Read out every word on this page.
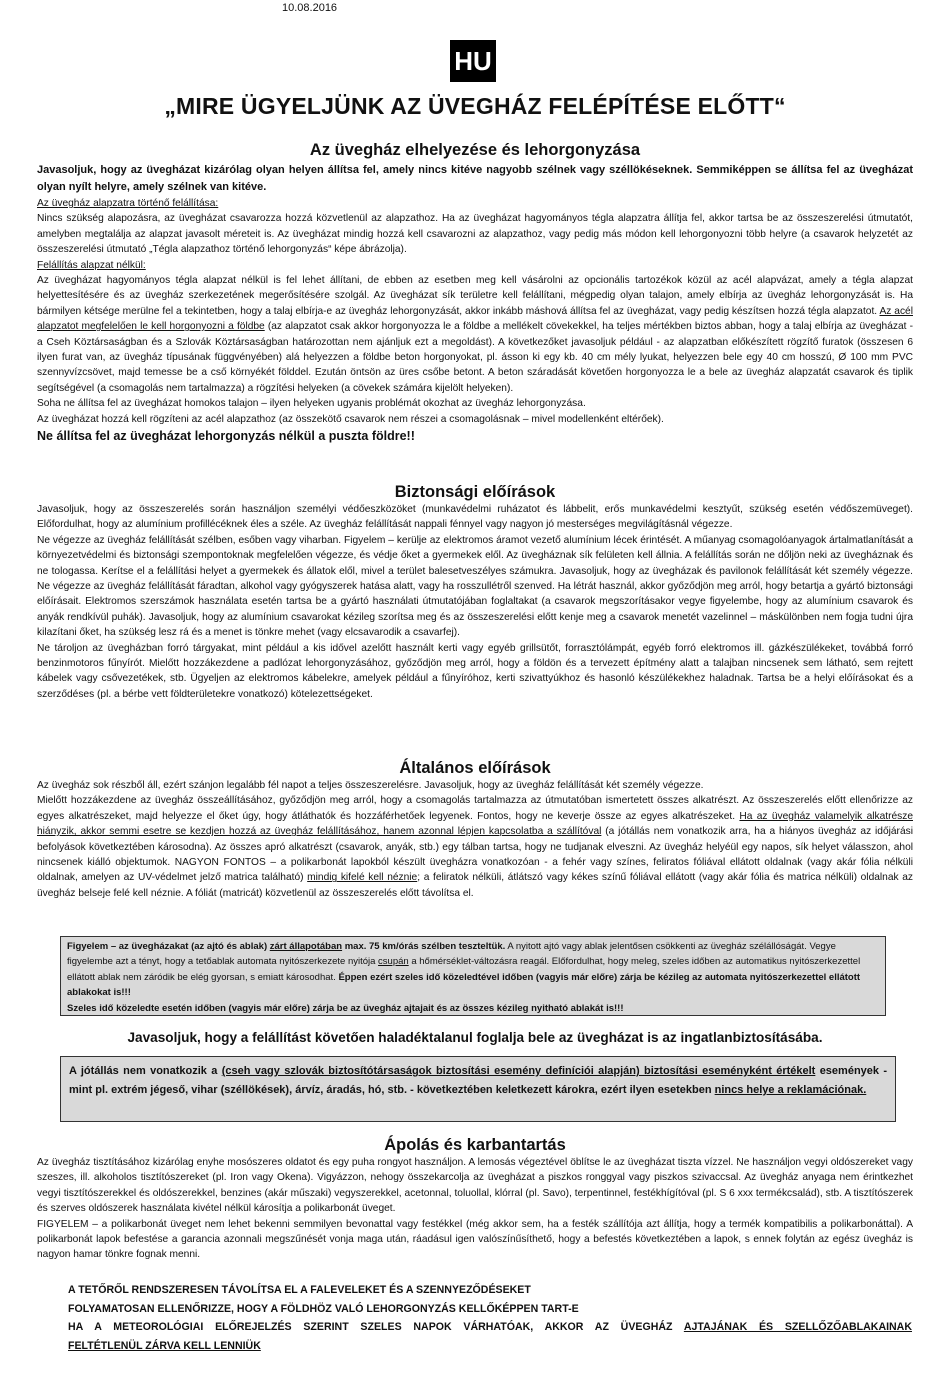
10.08.2016
HU
„MIRE ÜGYELJÜNK AZ ÜVEGHÁZ FELÉPÍTÉSE ELŐTT“
Az üvegház elhelyezése és lehorgonyzása

Javasoljuk, hogy az üvegházat kizárólag olyan helyen állítsa fel, amely nincs kitéve nagyobb szélnek vagy széllökéseknek. Semmiképpen se állítsa fel az üvegházat olyan nyílt helyre, amely szélnek van kitéve.

Az üvegház alapzatra történő felállítása:

Nincs szükség alapozásra, az üvegházat csavarozza hozzá közvetlenül az alapzathoz. Ha az üvegházat hagyományos tégla alapzatra állítja fel, akkor tartsa be az összeszerelési útmutatót, amelyben megtalálja az alapzat javasolt méreteit is. Az üvegházat mindig hozzá kell csavarozni az alapzathoz, vagy pedig más módon kell lehorgonyozni több helyre (a csavarok helyzetét az összeszerelési útmutató „Tégla alapzathoz történő lehorgonyzás“ képe ábrázolja).

Felállítás alapzat nélkül:

Az üvegházat hagyományos tégla alapzat nélkül is fel lehet állítani, de ebben az esetben meg kell vásárolni az opcionális tartozékok közül az acél alapvázat, amely a tégla alapzat helyettesítésére és az üvegház szerkezetének megerősítésére szolgál. Az üvegházat sík területre kell felállítani, mégpedig olyan talajon, amely elbírja az üvegház lehorgonyzását is. Ha bármilyen kétsége merülne fel a tekintetben, hogy a talaj elbírja-e az üvegház lehorgonyzását, akkor inkább máshová állítsa fel az üvegházat, vagy pedig készítsen hozzá tégla alapzatot. Az acél alapzatot megfelelően le kell horgonyozni a földbe (az alapzatot csak akkor horgonyozza le a földbe a mellékelt cövekekkel, ha teljes mértékben biztos abban, hogy a talaj elbírja az üvegházat - a Cseh Köztársaságban és a Szlovák Köztársaságban határozottan nem ajánljuk ezt a megoldást). A következőket javasoljuk például - az alapzatban előkészített rögzítő furatok (összesen 6 ilyen furat van, az üvegház típusának függvényében) alá helyezzen a földbe beton horgonyokat, pl. ásson ki egy kb. 40 cm mély lyukat, helyezzen bele egy 40 cm hosszú, Ø 100 mm PVC szennyvízcsövet, majd temesse be a cső környékét földdel. Ezután öntsön az üres csőbe betont. A beton száradását követően horgonyozza le a bele az üvegház alapzatát csavarok és tiplik segítségével (a csomagolás nem tartalmazza) a rögzítési helyeken (a cövekek számára kijelölt helyeken).

Soha ne állítsa fel az üvegházat homokos talajon – ilyen helyeken ugyanis problémát okozhat az üvegház lehorgonyzása.

Az üvegházat hozzá kell rögzíteni az acél alapzathoz (az összekötő csavarok nem részei a csomagolásnak – mivel modellenként eltérőek).

Ne állítsa fel az üvegházat lehorgonyzás nélkül a puszta földre!!

Biztonsági előírások

Javasoljuk, hogy az összeszerelés során használjon személyi védőeszközöket (munkavédelmi ruházatot és lábbelit, erős munkavédelmi kesztyűt, szükség esetén védőszemüveget). Előfordulhat, hogy az alumínium profillécéknek éles a széle. Az üvegház felállítását nappali fénnyel vagy nagyon jó mesterséges megvilágításnál végezze.

Ne végezze az üvegház felállítását szélben, esőben vagy viharban. Figyelem – kerülje az elektromos áramot vezető alumínium lécek érintését. A műanyag csomagolóanyagok ártalmatlanítását a környezetvédelmi és biztonsági szempontoknak megfelelően végezze, és védje őket a gyermekek elől. Az üvegháznak sík felületen kell állnia. A felállítás során ne dőljön neki az üvegháznak és ne tologassa. Kerítse el a felállítási helyet a gyermekek és állatok elől, mivel a terület balesetveszélyes számukra. Javasoljuk, hogy az üvegházak és pavilonok felállítását két személy végezze. Ne végezze az üvegház felállítását fáradtan, alkohol vagy gyógyszerek hatása alatt, vagy ha rosszullétről szenved. Ha létrát használ, akkor győződjön meg arról, hogy betartja a gyártó biztonsági előírásait. Elektromos szerszámok használata esetén tartsa be a gyártó használati útmutatójában foglaltakat (a csavarok megszorításakor vegye figyelembe, hogy az alumínium csavarok és anyák rendkívül puhák). Javasoljuk, hogy az alumínium csavarokat kézileg szorítsa meg és az összeszerelési előtt kenje meg a csavarok menetét vazelinnel – máskülönben nem fogja tudni újra kilazítani őket, ha szükség lesz rá és a menet is tönkre mehet (vagy elcsavarodik a csavarfej).

Ne tároljon az üvegházban forró tárgyakat, mint például a kis idővel azelőtt használt kerti vagy egyéb grillsütőt, forrasztólámpát, egyéb forró elektromos ill. gázkészülékeket, továbbá forró benzinmotoros fűnyírót. Mielőtt hozzákezdene a padlózat lehorgonyzásához, győződjön meg arról, hogy a földön és a tervezett építmény alatt a talajban nincsenek sem látható, sem rejtett kábelek vagy csővezetékek, stb. Ügyeljen az elektromos kábelekre, amelyek például a fűnyíróhoz, kerti szivattyúkhoz és hasonló készülékekhez haladnak. Tartsa be a helyi előírásokat és a szerződéses (pl. a bérbe vett földterületekre vonatkozó) kötelezettségeket.

Általános előírások

Az üvegház sok részből áll, ezért szánjon legalább fél napot a teljes összeszerelésre. Javasoljuk, hogy az üvegház felállítását két személy végezze.

Mielőtt hozzákezdene az üvegház összeállításához, győződjön meg arról, hogy a csomagolás tartalmazza az útmutatóban ismertetett összes alkatrészt. Az összeszerelés előtt ellenőrizze az egyes alkatrészeket, majd helyezze el őket úgy, hogy átláthatók és hozzáférhetőek legyenek. Fontos, hogy ne keverje össze az egyes alkatrészeket. Ha az üvegház valamelyik alkatrésze hiányzik, akkor semmi esetre se kezdjen hozzá az üvegház felállításához, hanem azonnal lépjen kapcsolatba a szállítóval (a jótállás nem vonatkozik arra, ha a hiányos üvegház az időjárási befolyások következtében károsodna). Az összes apró alkatrészt (csavarok, anyák, stb.) egy tálban tartsa, hogy ne tudjanak elveszni. Az üvegház helyéül egy napos, sík helyet válasszon, ahol nincsenek kiálló objektumok. NAGYON FONTOS – a polikarbonát lapokból készült üvegházra vonatkozóan - a fehér vagy színes, feliratos fóliával ellátott oldalnak (vagy akár fólia nélküli oldalnak, amelyen az UV-védelmet jelző matrica található) mindig kifelé kell néznie; a feliratok nélküli, átlátszó vagy kékes színű fóliával ellátott (vagy akár fólia és matrica nélküli) oldalnak az üvegház belseje felé kell néznie. A fóliát (matricát) közvetlenül az összeszerelés előtt távolítsa el.

Figyelem – az üvegházakat (az ajtó és ablak) zárt állapotában max. 75 km/órás szélben teszteltük. A nyitott ajtó vagy ablak jelentősen csökkenti az üvegház szélállóságát. Vegye figyelembe azt a tényt, hogy a tetőablak automata nyitószerkezete nyitója csupán a hőmérséklet-változásra reagál. Előfordulhat, hogy meleg, szeles időben az automatikus nyitószerkezettel ellátott ablak nem záródik be elég gyorsan, s emiatt károsodhat. Éppen ezért szeles idő közeledtével időben (vagyis már előre) zárja be kézileg az automata nyitószerkezettel ellátott ablakokat is!!!
Szeles idő közeledte esetén időben (vagyis már előre) zárja be az üvegház ajtajait és az összes kézileg nyitható ablakát is!!!
Javasoljuk, hogy a felállítást követően haladéktalanul foglalja bele az üvegházat is az ingatlanbiztosításába.
A jótállás nem vonatkozik a (cseh vagy szlovák biztosítótársaságok biztosítási esemény definíciói alapján) biztosítási eseményként értékelt események - mint pl. extrém jégeső, vihar (széllökések), árvíz, áradás, hó, stb. - következtében keletkezett károkra, ezért ilyen esetekben nincs helye a reklamációnak.
Ápolás és karbantartás

Az üvegház tisztításához kizárólag enyhe mosószeres oldatot és egy puha rongyot használjon. A lemosás végeztével öblítse le az üvegházat tiszta vízzel. Ne használjon vegyi oldószereket vagy szeszes, ill. alkoholos tisztítószereket (pl. Iron vagy Okena). Vigyázzon, nehogy összekarcolja az üvegházat a piszkos ronggyal vagy piszkos szivaccsal. Az üvegház anyaga nem érintkezhet vegyi tisztítószerekkel és oldószerekkel, benzines (akár műszaki) vegyszerekkel, acetonnal, toluollal, klórral (pl. Savo), terpentinnel, festékhígítóval (pl. S 6 xxx termékcsalád), stb. A tisztítószerek és szerves oldószerek használata kivétel nélkül károsítja a polikarbonát üveget.

FIGYELEM – a polikarbonát üveget nem lehet bekenni semmilyen bevonattal vagy festékkel (még akkor sem, ha a festék szállítója azt állítja, hogy a termék kompatibilis a polikarbonáttal). A polikarbonát lapok befestése a garancia azonnali megszűnését vonja maga után, ráadásul igen valószínűsíthető, hogy a befestés következtében a lapok, s ennek folytán az egész üvegház is nagyon hamar tönkre fognak menni.

A TETŐRŐL RENDSZERESEN TÁVOLÍTSA EL A FALEVELEKET ÉS A SZENNYEZŐDÉSEKET

FOLYAMATOSAN ELLENŐRIZZE, HOGY A FÖLDHÖZ VALÓ LEHORGONYZÁS KELLŐKÉPPEN TART-E

HA A METEOROLÓGIAI ELŐREJELZÉS SZERINT SZELES NAPOK VÁRHATÓAK, AKKOR AZ ÜVEGHÁZ AJTAJÁNAK ÉS SZELLŐZŐABLAKAINAK

FELTÉTLENÜL ZÁRVA KELL LENNIÜK
